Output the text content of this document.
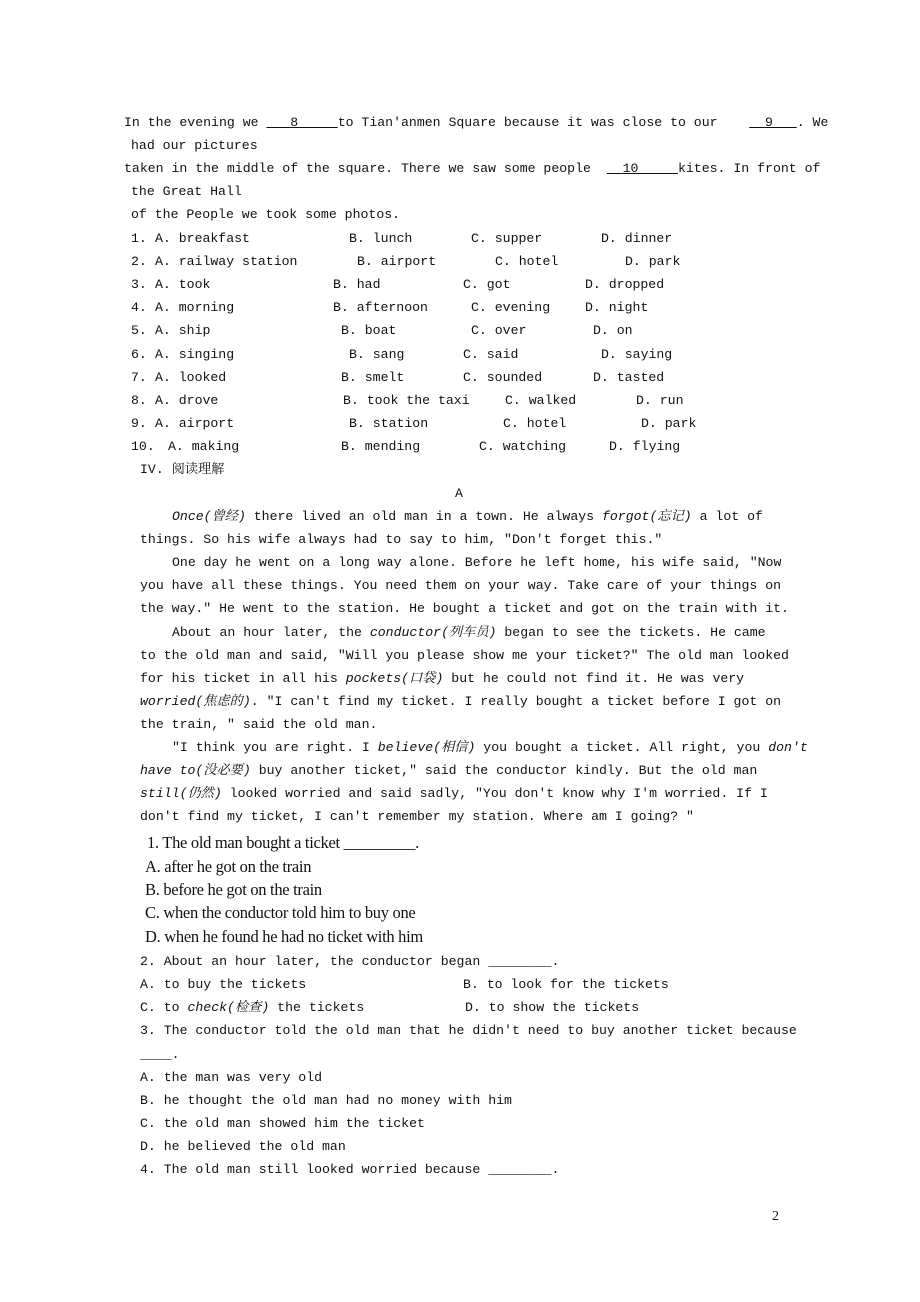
In the evening we    8     to Tian'anmen Square because it was close to our      9   . We
had our pictures
taken in the middle of the square. There we saw some people    10     kites. In front of
the Great Hall
of the People we took some photos.
1. A. breakfast	B. lunch	C. supper	D. dinner
2. A. railway station	B. airport	C. hotel	D. park
3. A. took	B. had	C. got	D. dropped
4. A. morning	B. afternoon	C. evening	D. night
5. A. ship	B. boat	C. over	D. on
6. A. singing	B. sang	C. said	D. saying
7. A. looked	B. smelt	C. sounded	D. tasted
8. A. drove	B. took the taxi	C. walked	D. run
9. A. airport	B. station	C. hotel	D. park
10. A. making	B. mending	C. watching	D. flying
IV. 阅读理解
A
Once(曾经) there lived an old man in a town. He always forgot(忘记) a lot of
things. So his wife always had to say to him, "Don't forget this."
One day he went on a long way alone. Before he left home, his wife said, "Now
you have all these things. You need them on your way. Take care of your things on
the way." He went to the station. He bought a ticket and got on the train with it.
About an hour later, the conductor(列车员) began to see the tickets. He came
to the old man and said, "Will you please show me your ticket?" The old man looked
for his ticket in all his pockets(口袋) but he could not find it. He was very
worried(焦虑的). "I can't find my ticket. I really bought a ticket before I got on
the train, " said the old man.
"I think you are right. I believe(相信) you bought a ticket. All right, you don't
have to(没必要) buy another ticket," said the conductor kindly. But the old man
still(仍然) looked worried and said sadly, "You don't know why I'm worried. If I
don't find my ticket, I can't remember my station. Where am I going? "
1. The old man bought a ticket _________.
A. after he got on the train
B. before he got on the train
C. when the conductor told him to buy one
D. when he found he had no ticket with him
2. About an hour later, the conductor began ________.
A. to buy the tickets	B. to look for the tickets
C. to check(检查) the tickets	D. to show the tickets
3. The conductor told the old man that he didn't need to buy another ticket because
____.
A. the man was very old
B. he thought the old man had no money with him
C. the old man showed him the ticket
D. he believed the old man
4. The old man still looked worried because ________.
2
